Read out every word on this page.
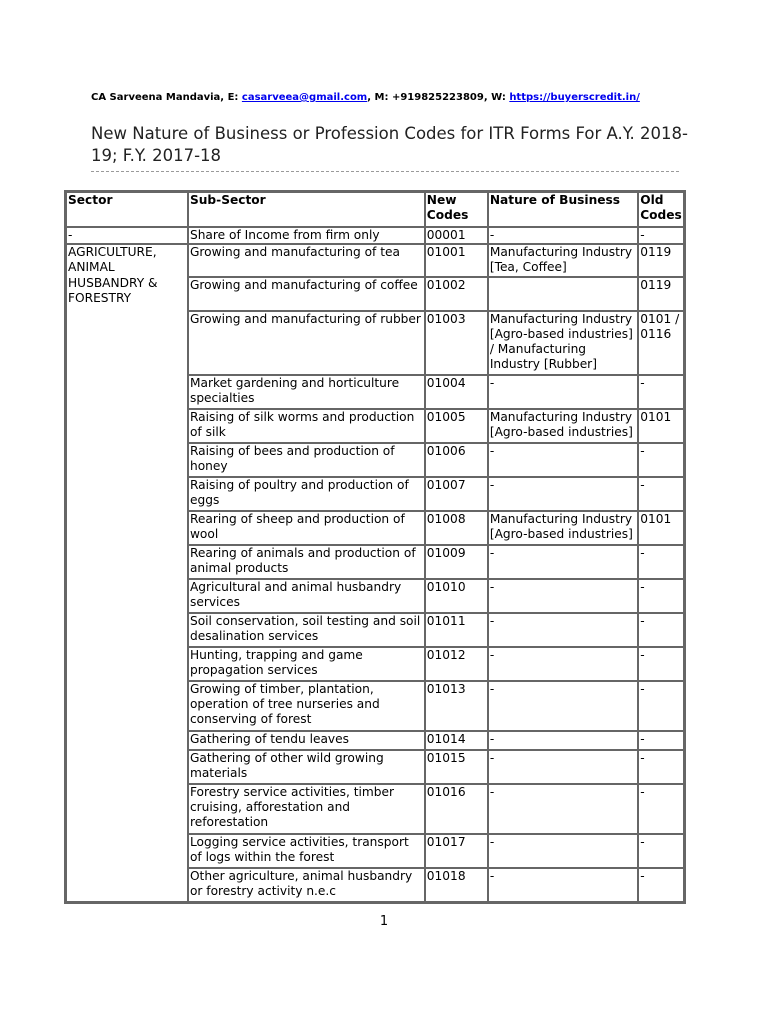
CA Sarveena Mandavia, E: casarveea@gmail.com, M: +919825223809, W: https://buyerscredit.in/
New Nature of Business or Profession Codes for ITR Forms For A.Y. 2018-19; F.Y. 2017-18
Sector	Sub-Sector	New Codes	Nature of Business	Old Codes
-	Share of Income from firm only	00001	-	-
AGRICULTURE, ANIMAL HUSBANDRY & FORESTRY	Growing and manufacturing of tea	01001	Manufacturing Industry [Tea, Coffee]	0119
	Growing and manufacturing of coffee	01002		0119
	Growing and manufacturing of rubber	01003	Manufacturing Industry [Agro-based industries] / Manufacturing Industry [Rubber]	0101 / 0116
	Market gardening and horticulture specialties	01004	-	-
	Raising of silk worms and production of silk	01005	Manufacturing Industry [Agro-based industries]	0101
	Raising of bees and production of honey	01006	-	-
	Raising of poultry and production of eggs	01007	-	-
	Rearing of sheep and production of wool	01008	Manufacturing Industry [Agro-based industries]	0101
	Rearing of animals and production of animal products	01009	-	-
	Agricultural and animal husbandry services	01010	-	-
	Soil conservation, soil testing and soil desalination services	01011	-	-
	Hunting, trapping and game propagation services	01012	-	-
	Growing of timber, plantation, operation of tree nurseries and conserving of forest	01013	-	-
	Gathering of tendu leaves	01014	-	-
	Gathering of other wild growing materials	01015	-	-
	Forestry service activities, timber cruising, afforestation and reforestation	01016	-	-
	Logging service activities, transport of logs within the forest	01017	-	-
	Other agriculture, animal husbandry or forestry activity n.e.c	01018	-	-
1
